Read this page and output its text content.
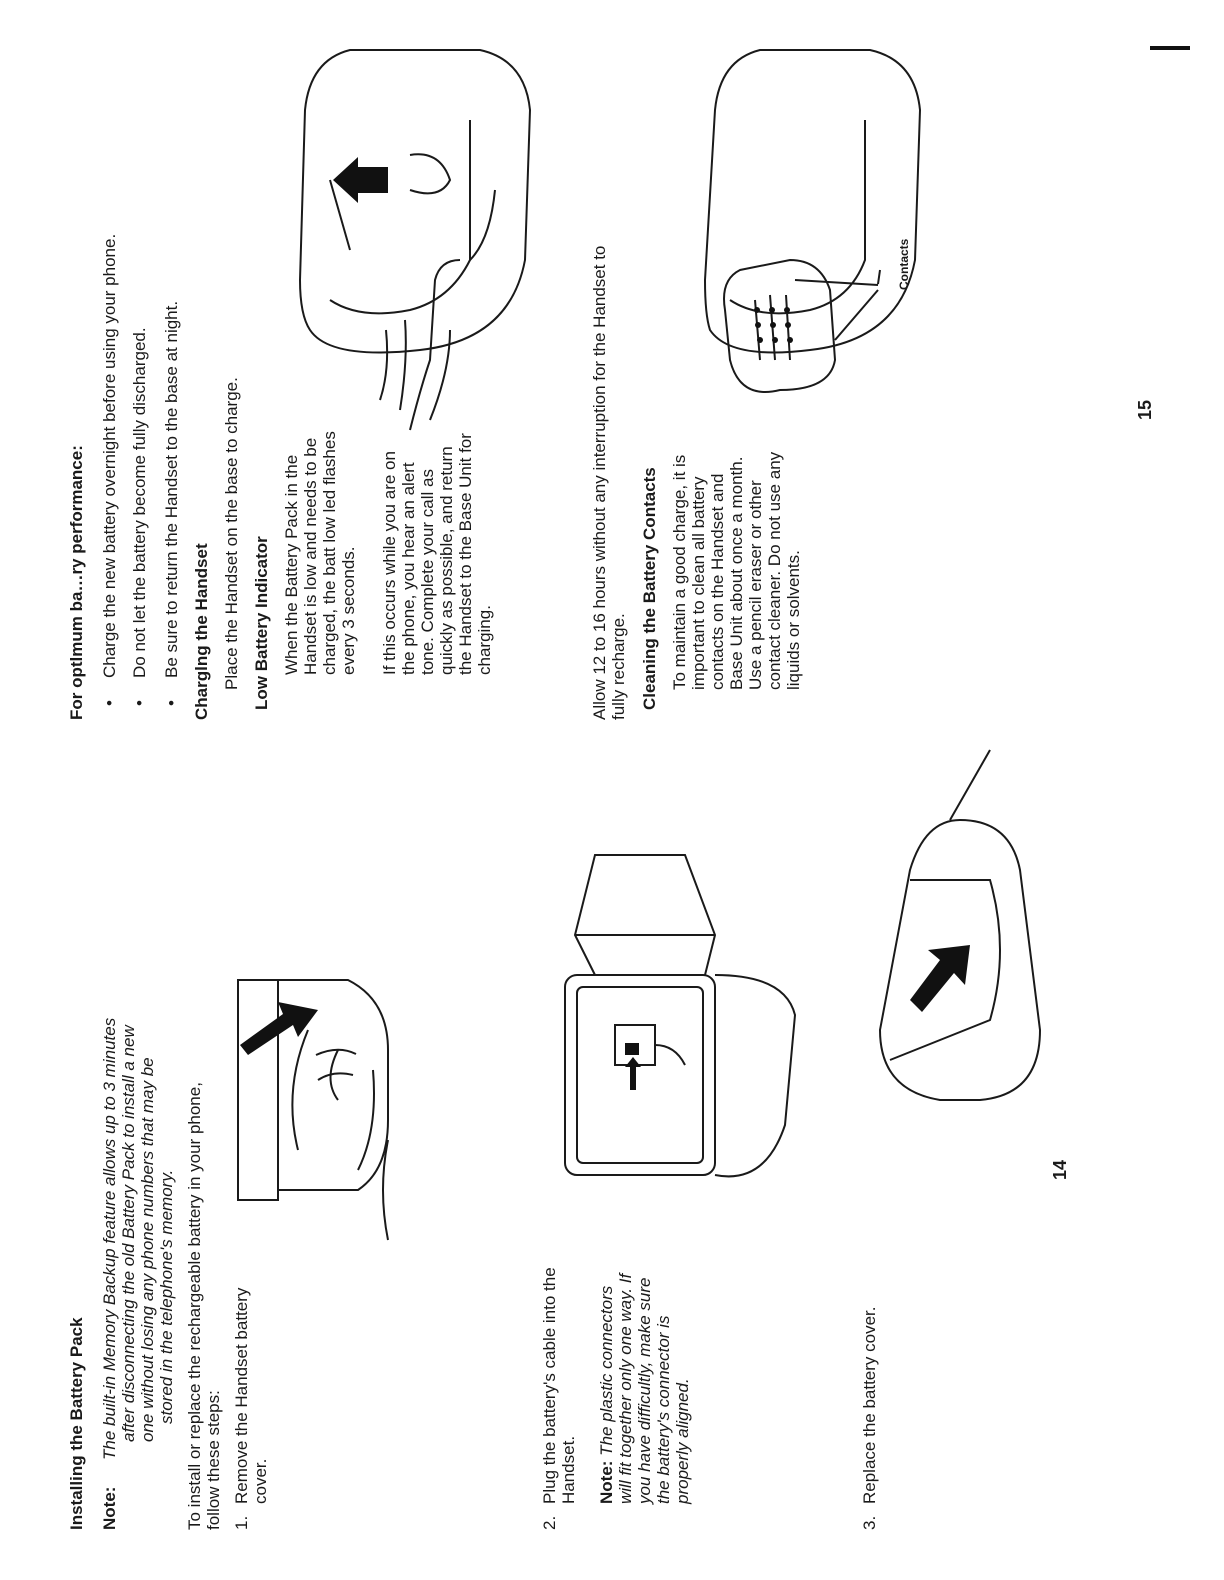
Installing the Battery Pack Note:
The built-in Memory Backup feature allows up to 3 minutes after disconnecting the old Battery Pack to install a new one without losing any phone numbers that may be stored in the telephone's memory. To install or replace the rechargeable battery in your phone, follow these steps: 1.
Remove the Handset battery cover.
2.
Plug the battery's cable into the Handset. Note: The plastic connectors will fit together only one way. If you have difficultly, make sure the battery's connector is properly aligned.
3.
Replace the battery cover.
14
For optlmum ba…ry performance: •Charge the new battery overnight before using your phone.
•Do not let the battery become fully discharged.
•Be sure to return the Handset to the base at night. Charglng the Handset Place the Handset on the base to charge. Low Battery Indicator When the Battery Pack in the Handset is low and needs to be charged, the batt low led flashes every 3 seconds. If this occurs while you are on the phone, you hear an alert tone. Complete your call as quickly as possible, and return the Handset to the Base Unit for charging.	Allow 12 to 16 hours without any interruption for the Handset to fully recharge. Cleaning the Battery Contacts To maintain a good charge, it is important to clean all battery contacts on the Handset and Base Unit about once a month. Use a pencil eraser or other contact cleaner. Do not use any liquids or solvents.
Contacts
15
